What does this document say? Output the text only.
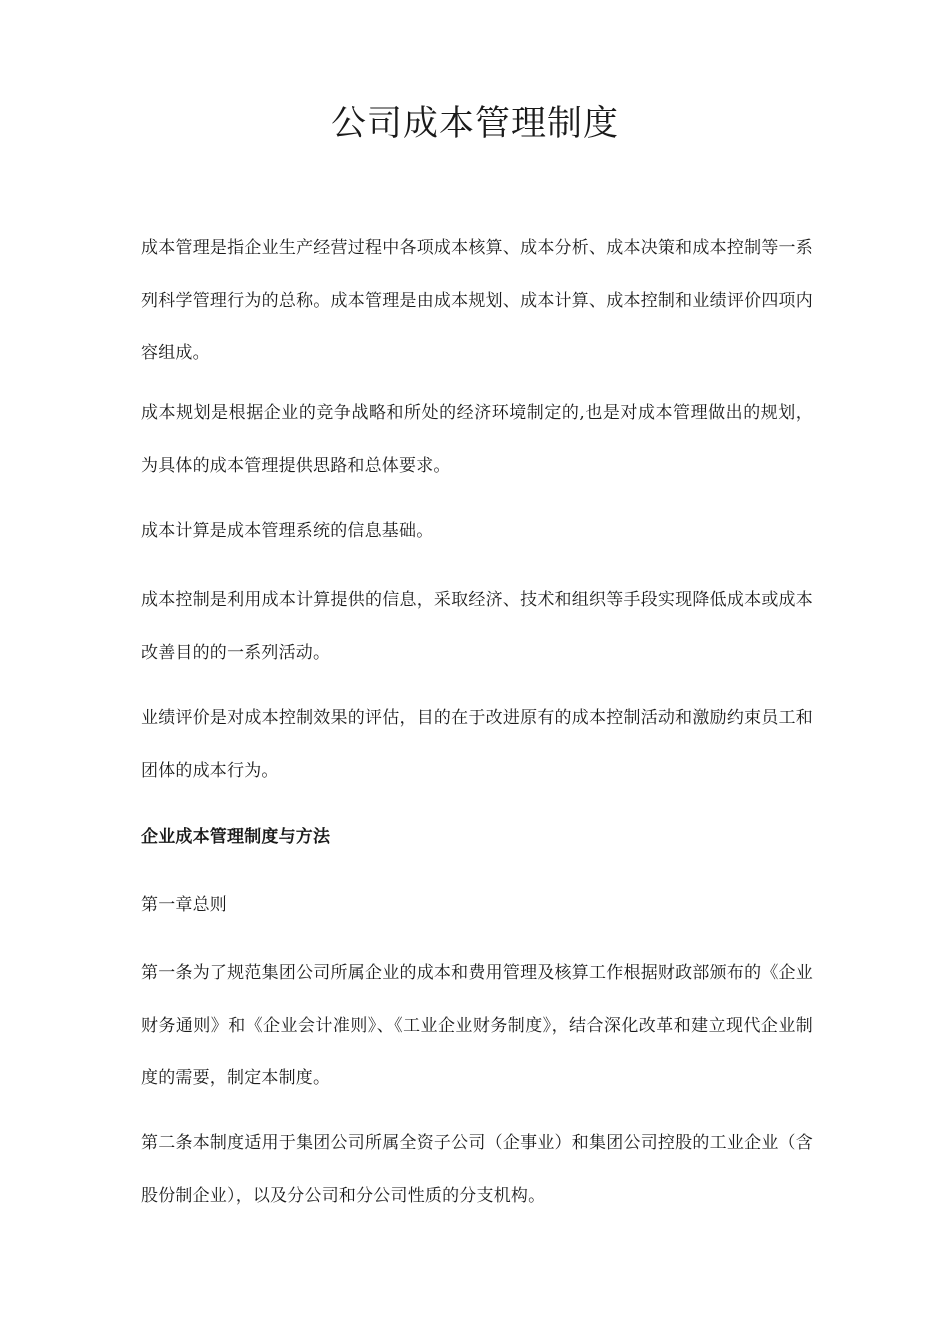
公司成本管理制度

成本管理是指企业生产经营过程中各项成本核算、成本分析、成本决策和成本控制等一系列科学管理行为的总称。成本管理是由成本规划、成本计算、成本控制和业绩评价四项内容组成。

成本规划是根据企业的竞争战略和所处的经济环境制定的,也是对成本管理做出的规划，为具体的成本管理提供思路和总体要求。

成本计算是成本管理系统的信息基础。

成本控制是利用成本计算提供的信息，采取经济、技术和组织等手段实现降低成本或成本改善目的的一系列活动。

业绩评价是对成本控制效果的评估，目的在于改进原有的成本控制活动和激励约束员工和团体的成本行为。

企业成本管理制度与方法

第一章总则

第一条为了规范集团公司所属企业的成本和费用管理及核算工作根据财政部颁布的《企业财务通则》和《企业会计准则》、《工业企业财务制度》，结合深化改革和建立现代企业制度的需要，制定本制度。

第二条本制度适用于集团公司所属全资子公司（企事业）和集团公司控股的工业企业（含股份制企业），以及分公司和分公司性质的分支机构。
